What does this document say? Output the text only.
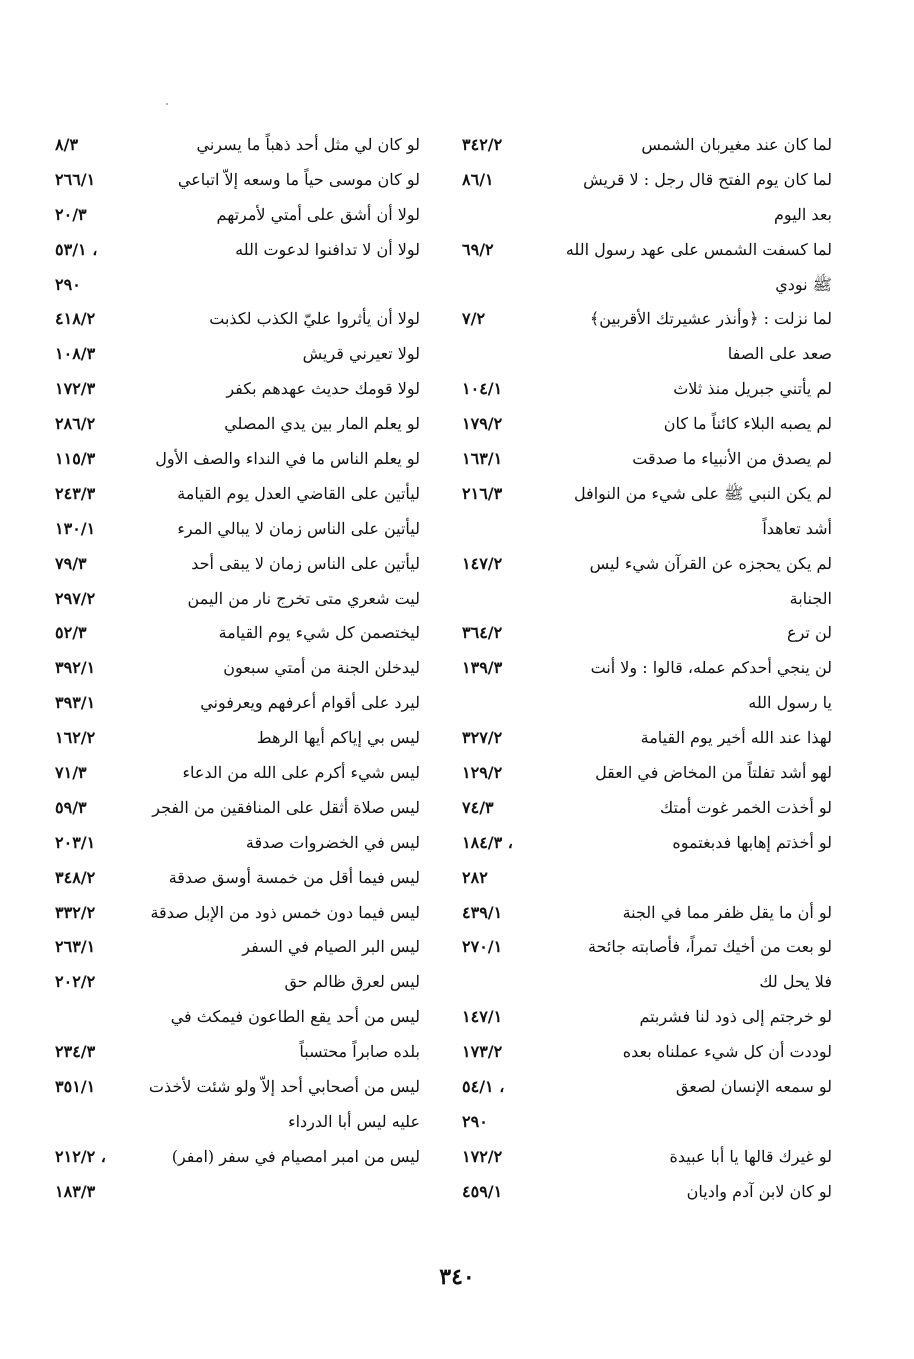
لما كان عند مغيربان الشمس
٣٤٢/٢
لما كان يوم الفتح قال رجل : لا قريش
٨٦/١
بعد اليوم
لما كسفت الشمس على عهد رسول الله
٦٩/٢
ﷺ نودي
لما نزلت : ﴿وأنذر عشيرتك الأقربين﴾
٧/٢
صعد على الصفا
لم يأتني جبريل منذ ثلاث
١٠٤/١
لم يصبه البلاء كائناً ما كان
١٧٩/٢
لم يصدق من الأنبياء ما صدقت
١٦٣/١
لم يكن النبي ﷺ على شيء من النوافل
٢١٦/٣
أشد تعاهداً
لم يكن يحجزه عن القرآن شيء ليس
١٤٧/٢
الجنابة
لن ترع
٣٦٤/٢
لن ينجي أحدكم عمله، قالوا : ولا أنت
١٣٩/٣
يا رسول الله
لهذا عند الله أخير يوم القيامة
٣٢٧/٢
لهو أشد تفلتاً من المخاض في العقل
١٢٩/٢
لو أخذت الخمر غوت أمتك
٧٤/٣
لو أخذتم إهابها فدبغتموه
١٨٤/٣ ،
٢٨٢
لو أن ما يقل ظفر مما في الجنة
٤٣٩/١
لو بعت من أخيك تمراً، فأصابته جائحة
٢٧٠/١
فلا يحل لك
لو خرجتم إلى ذود لنا فشربتم
١٤٧/١
لوددت أن كل شيء عملناه بعده
١٧٣/٢
لو سمعه الإنسان لصعق
٥٤/١ ،
٢٩٠
لو غيرك قالها يا أبا عبيدة
١٧٢/٢
لو كان لابن آدم واديان
٤٥٩/١
لو كان لي مثل أحد ذهباً ما يسرني
٨/٣
لو كان موسى حياً ما وسعه إلاّ اتباعي
٢٦٦/١
لولا أن أشق على أمتي لأمرتهم
٢٠/٣
لولا أن لا تدافنوا لدعوت الله
٥٣/١ ،
٢٩٠
لولا أن يأثروا عليّ الكذب لكذبت
٤١٨/٢
لولا تعيرني قريش
١٠٨/٣
لولا قومك حديث عهدهم بكفر
١٧٢/٣
لو يعلم المار بين يدي المصلي
٢٨٦/٢
لو يعلم الناس ما في النداء والصف الأول
١١٥/٣
ليأتين على القاضي العدل يوم القيامة
٢٤٣/٣
ليأتين على الناس زمان لا يبالي المرء
١٣٠/١
ليأتين على الناس زمان لا يبقى أحد
٧٩/٣
ليت شعري متى تخرج نار من اليمن
٢٩٧/٢
ليختصمن كل شيء يوم القيامة
٥٢/٣
ليدخلن الجنة من أمتي سبعون
٣٩٢/١
ليرد على أقوام أعرفهم ويعرفوني
٣٩٣/١
ليس بي إياكم أيها الرهط
١٦٢/٢
ليس شيء أكرم على الله من الدعاء
٧١/٣
ليس صلاة أثقل على المنافقين من الفجر
٥٩/٣
ليس في الخضروات صدقة
٢٠٣/١
ليس فيما أقل من خمسة أوسق صدقة
٣٤٨/٢
ليس فيما دون خمس ذود من الإبل صدقة
٣٣٢/٢
ليس البر الصيام في السفر
٢٦٣/١
ليس لعرق ظالم حق
٢٠٢/٢
ليس من أحد يقع الطاعون فيمكث في
بلده صابراً محتسباً
٢٣٤/٣
ليس من أصحابي أحد إلاّ ولو شئت لأخذت
٣٥١/١
عليه ليس أبا الدرداء
ليس من امبر امصيام في سفر (امفر)
٢١٢/٢ ،
١٨٣/٣
٣٤٠
